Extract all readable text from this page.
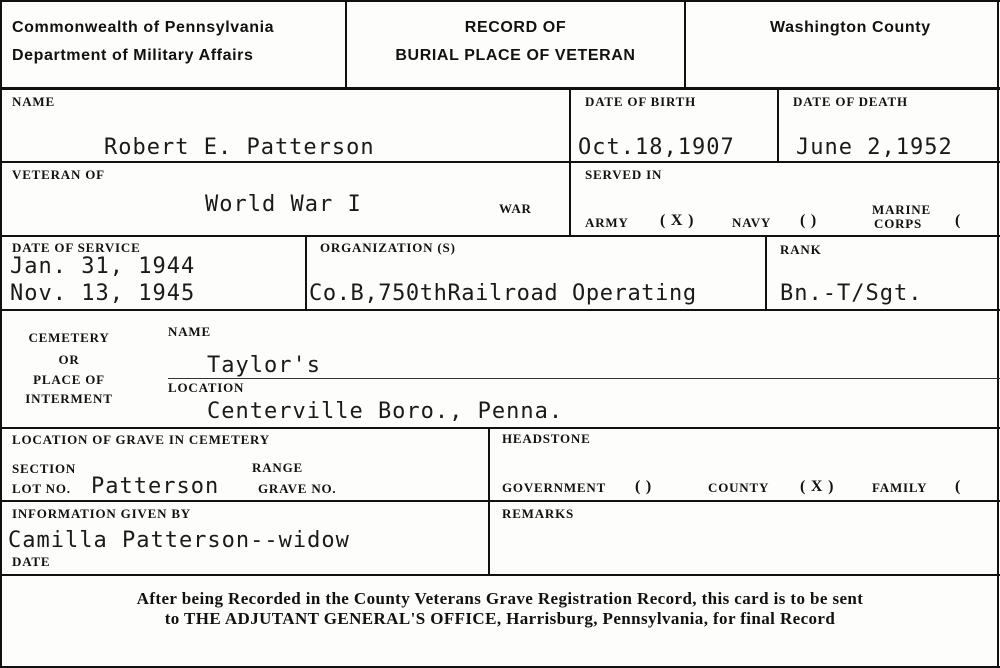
Commonwealth of Pennsylvania
Department of Military Affairs
RECORD OF
BURIAL PLACE OF VETERAN
Washington County
NAME
Robert E. Patterson
DATE OF BIRTH
Oct.18,1907
DATE OF DEATH
June 2,1952
VETERAN OF
World War I	WAR
SERVED IN
ARMY ( X )	NAVY ( )
MARINE
CORPS (
DATE OF SERVICE
Jan. 31, 1944
Nov. 13, 1945
ORGANIZATION (S)
Co.B,750thRailroad Operating
RANK
Bn.-T/Sgt.
CEMETERY
OR
PLACE OF
INTERMENT
NAME
Taylor's
LOCATION
Centerville Boro., Penna.
LOCATION OF GRAVE IN CEMETERY
SECTION	RANGE
LOT NO. Patterson	GRAVE NO.
HEADSTONE
GOVERNMENT ( )	COUNTY ( X )	FAMILY (
INFORMATION GIVEN BY
Camilla Patterson--widow
DATE
REMARKS
After being Recorded in the County Veterans Grave Registration Record, this card is to be sent
to THE ADJUTANT GENERAL'S OFFICE, Harrisburg, Pennsylvania, for final Record
